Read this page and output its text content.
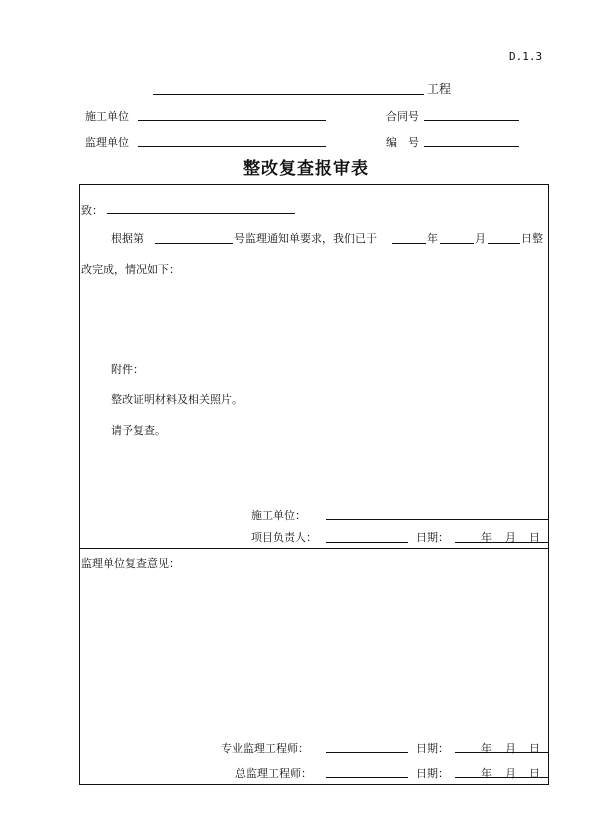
D.1.3
工程
施工单位	合同号
监理单位	编　号
整改复查报审表
致：
根据第	号监理通知单要求，我们已于	年	月	日整
改完成，情况如下：
附件：
整改证明材料及相关照片。
请予复查。
施工单位：
项目负责人：	日期：	年 月 日
监理单位复查意见：
专业监理工程师：	日期：	年 月 日
总监理工程师：	日期：	年 月 日
